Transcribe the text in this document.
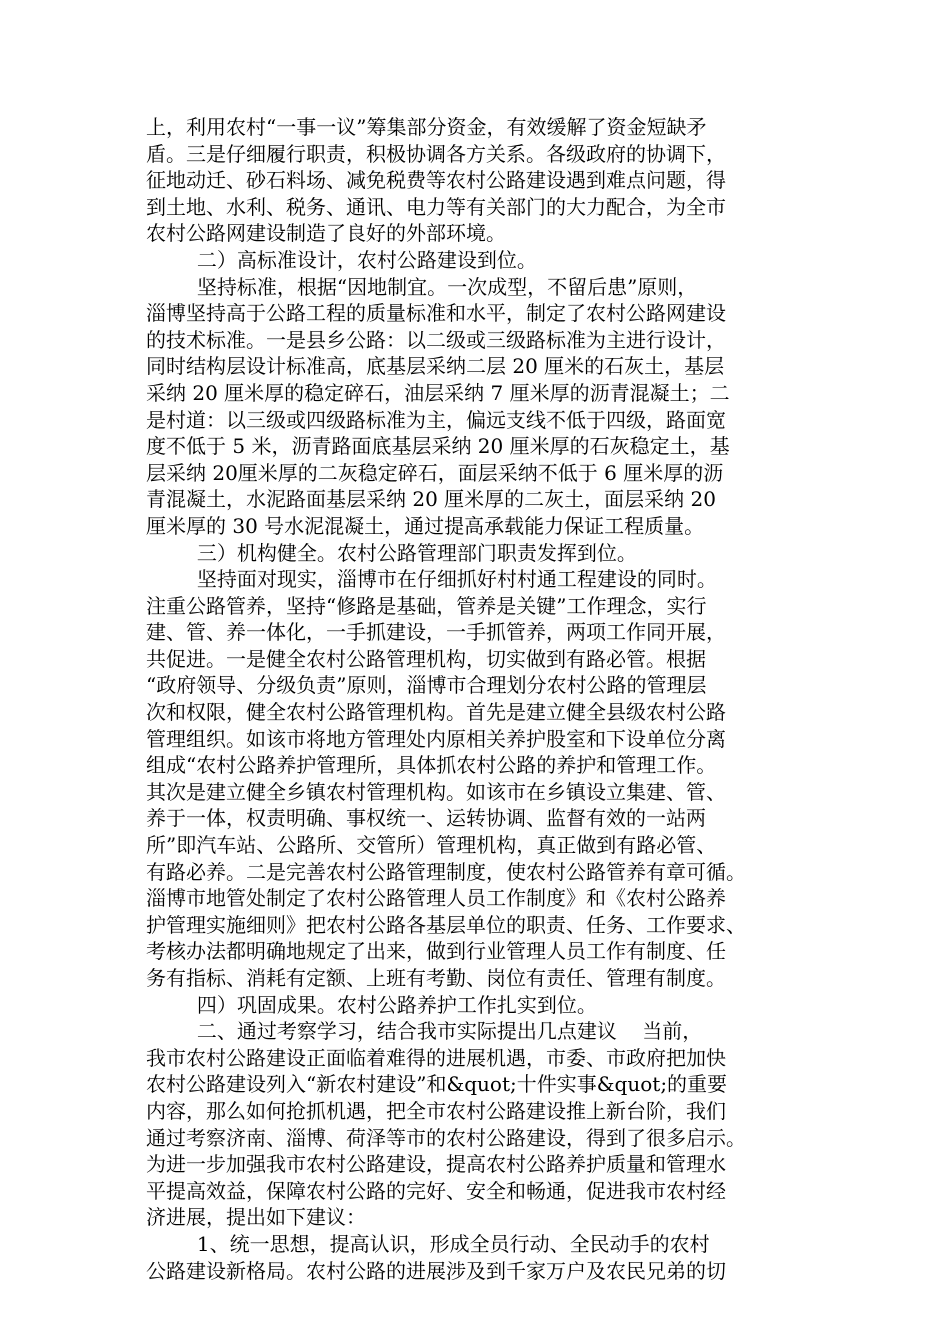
上，利用农村“一事一议”筹集部分资金，有效缓解了资金短缺矛
盾。三是仔细履行职责，积极协调各方关系。各级政府的协调下，
征地动迁、砂石料场、减免税费等农村公路建设遇到难点问题，得
到土地、水利、税务、通讯、电力等有关部门的大力配合，为全市
农村公路网建设制造了良好的外部环境。
二）高标准设计，农村公路建设到位。
坚持标准，根据“因地制宜。一次成型，不留后患”原则，
淄博坚持高于公路工程的质量标准和水平，制定了农村公路网建设
的技术标准。一是县乡公路：以二级或三级路标准为主进行设计，
同时结构层设计标准高，底基层采纳二层 20 厘米的石灰土，基层
采纳 20 厘米厚的稳定碎石，油层采纳 7 厘米厚的沥青混凝土；二
是村道：以三级或四级路标准为主，偏远支线不低于四级，路面宽
度不低于 5 米，沥青路面底基层采纳 20 厘米厚的石灰稳定土，基
层采纳 20厘米厚的二灰稳定碎石，面层采纳不低于 6 厘米厚的沥
青混凝土，水泥路面基层采纳 20 厘米厚的二灰土，面层采纳 20
厘米厚的 30 号水泥混凝土，通过提高承载能力保证工程质量。
三）机构健全。农村公路管理部门职责发挥到位。
坚持面对现实，淄博市在仔细抓好村村通工程建设的同时。
注重公路管养，坚持“修路是基础，管养是关键”工作理念，实行
建、管、养一体化，一手抓建设，一手抓管养，两项工作同开展，
共促进。一是健全农村公路管理机构，切实做到有路必管。根据
“政府领导、分级负责”原则，淄博市合理划分农村公路的管理层
次和权限，健全农村公路管理机构。首先是建立健全县级农村公路
管理组织。如该市将地方管理处内原相关养护股室和下设单位分离
组成“农村公路养护管理所，具体抓农村公路的养护和管理工作。
其次是建立健全乡镇农村管理机构。如该市在乡镇设立集建、管、
养于一体，权责明确、事权统一、运转协调、监督有效的一站两
所”即汽车站、公路所、交管所）管理机构，真正做到有路必管、
有路必养。二是完善农村公路管理制度，使农村公路管养有章可循。
淄博市地管处制定了农村公路管理人员工作制度》和《农村公路养
护管理实施细则》把农村公路各基层单位的职责、任务、工作要求、
考核办法都明确地规定了出来，做到行业管理人员工作有制度、任
务有指标、消耗有定额、上班有考勤、岗位有责任、管理有制度。
四）巩固成果。农村公路养护工作扎实到位。
二、通过考察学习，结合我市实际提出几点建议    当前，
我市农村公路建设正面临着难得的进展机遇，市委、市政府把加快
农村公路建设列入“新农村建设”和&quot;十件实事&quot;的重要
内容，那么如何抢抓机遇，把全市农村公路建设推上新台阶，我们
通过考察济南、淄博、荷泽等市的农村公路建设，得到了很多启示。
为进一步加强我市农村公路建设，提高农村公路养护质量和管理水
平提高效益，保障农村公路的完好、安全和畅通，促进我市农村经
济进展，提出如下建议：
1、统一思想，提高认识，形成全员行动、全民动手的农村
公路建设新格局。农村公路的进展涉及到千家万户及农民兄弟的切
